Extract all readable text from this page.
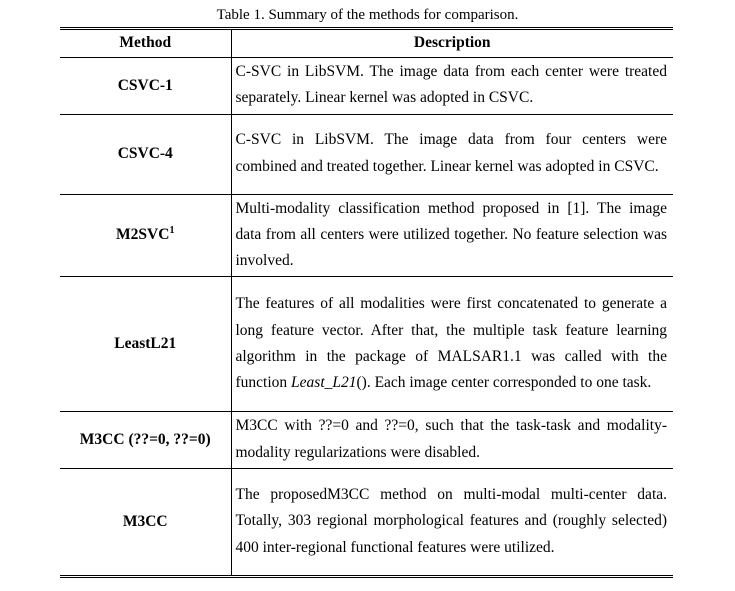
Table 1. Summary of the methods for comparison.
Method	Description
CSVC-1	C-SVC in LibSVM. The image data from each center were treated separately. Linear kernel was adopted in CSVC.
CSVC-4	C-SVC in LibSVM. The image data from four centers were combined and treated together. Linear kernel was adopted in CSVC.
M2SVC$^1$	Multi-modality classification method proposed in [1]. The image data from all centers were utilized together. No feature selection was involved.
LeastL21	The features of all modalities were first concatenated to generate a long feature vector. After that, the multiple task feature learning algorithm in the package of MALSAR1.1 was called with the function Least_L21(). Each image center corresponded to one task.
M3CC (??=0, ??=0)	M3CC with ??=0 and ??=0, such that the task-task and modality-modality regularizations were disabled.
M3CC	The proposedM3CC method on multi-modal multi-center data. Totally, 303 regional morphological features and (roughly selected) 400 inter-regional functional features were utilized.
